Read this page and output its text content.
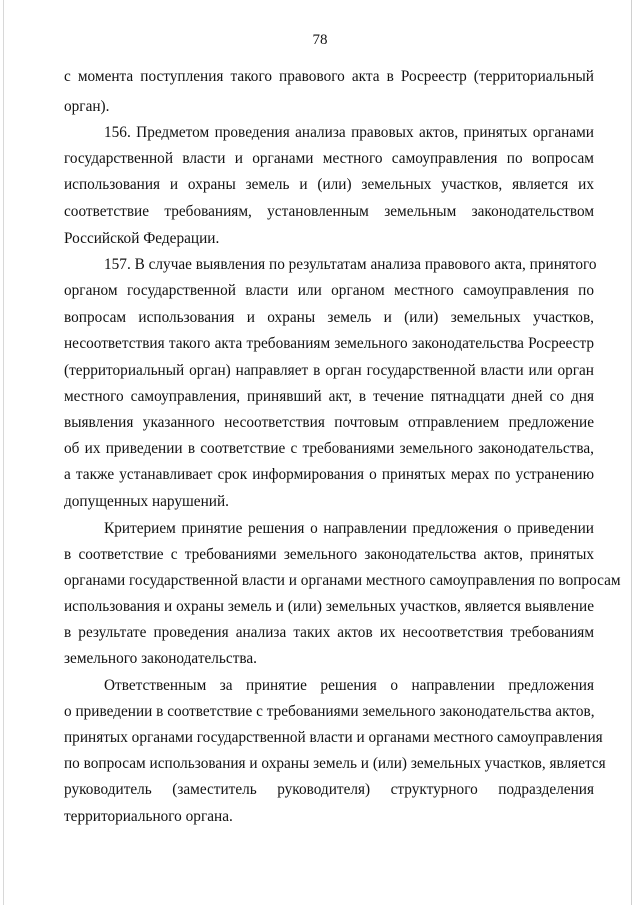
78
с момента поступления такого правового акта в Росреестр (территориальный
орган).
156. Предметом проведения анализа правовых актов, принятых органами
государственной власти и органами местного самоуправления по вопросам
использования и охраны земель и (или) земельных участков, является их
соответствие требованиям, установленным земельным законодательством
Российской Федерации.
157. В случае выявления по результатам анализа правового акта, принятого
органом государственной власти или органом местного самоуправления по
вопросам использования и охраны земель и (или) земельных участков,
несоответствия такого акта требованиям земельного законодательства Росреестр
(территориальный орган) направляет в орган государственной власти или орган
местного самоуправления, принявший акт, в течение пятнадцати дней со дня
выявления указанного несоответствия почтовым отправлением предложение
об их приведении в соответствие с требованиями земельного законодательства,
а также устанавливает срок информирования о принятых мерах по устранению
допущенных нарушений.
Критерием принятие решения о направлении предложения о приведении
в соответствие с требованиями земельного законодательства актов, принятых
органами государственной власти и органами местного самоуправления по вопросам
использования и охраны земель и (или) земельных участков, является выявление
в результате проведения анализа таких актов их несоответствия требованиям
земельного законодательства.
Ответственным за принятие решения о направлении предложения
о приведении в соответствие с требованиями земельного законодательства актов,
принятых органами государственной власти и органами местного самоуправления
по вопросам использования и охраны земель и (или) земельных участков, является
руководитель (заместитель руководителя) структурного подразделения
территориального органа.
